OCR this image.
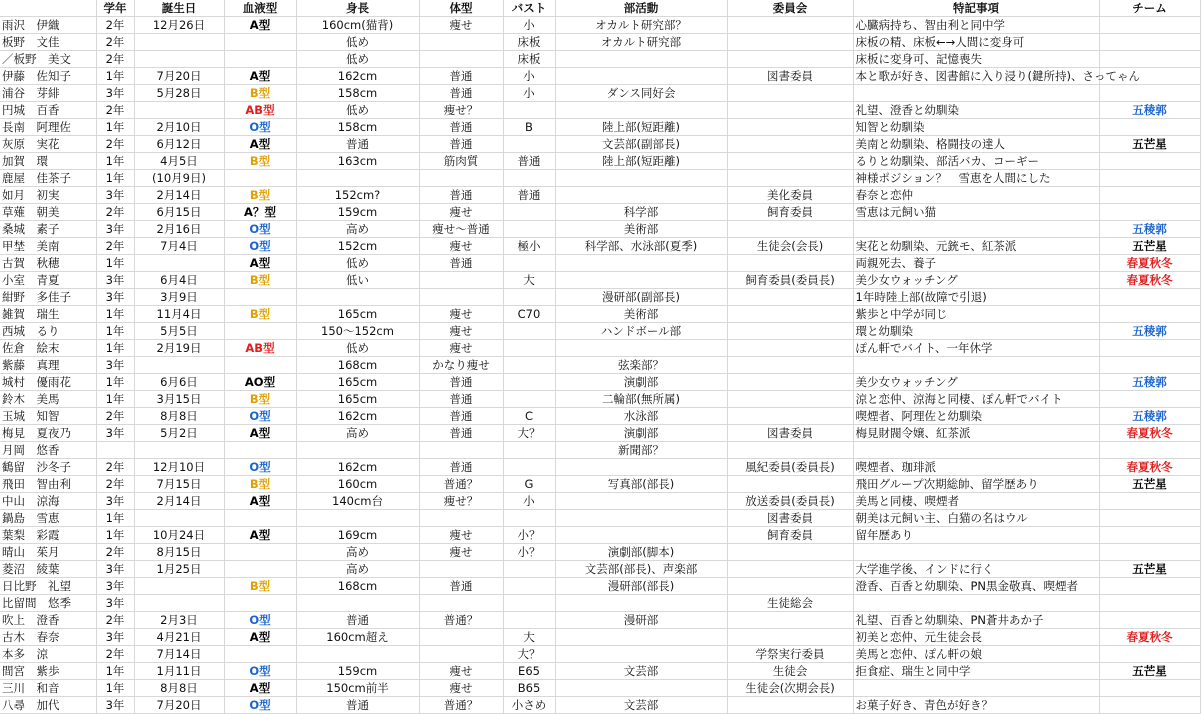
	学年	誕生日	血液型	身長	体型	バスト	部活動	委員会	特記事項	チーム
雨沢　伊織	2年	12月26日	A型	160cm(猫背)	痩せ	小	オカルト研究部？		心臓病持ち、智由利と同中学	
板野　文佳	2年			低め		床板	オカルト研究部		床板の精、床板←→人間に変身可	
／板野　美文	2年			低め		床板			床板に変身可、記憶喪失	
伊藤　佐知子	1年	7月20日	A型	162cm	普通	小		図書委員	本と歌が好き、図書館に入り浸り(鍵所持)、さってゃん	
浦谷　芽緋	3年	5月28日	B型	158cm	普通	小	ダンス同好会			
円城　百香	2年		AB型	低め	痩せ？				礼望、澄香と幼馴染	五稜郭
長南　阿理佐	1年	2月10日	O型	158cm	普通	B	陸上部(短距離)		知智と幼馴染	
灰原　実花	2年	6月12日	A型	普通	普通		文芸部(副部長)		美南と幼馴染、格闘技の達人	五芒星
加賀　環	1年	4月5日	B型	163cm	筋肉質	普通	陸上部(短距離)		るりと幼馴染、部活バカ、コーギー	
鹿屋　佳茶子	1年	(10月9日)							神様ポジション？　雪恵を人間にした	
如月　初実	3年	2月14日	B型	152cm?	普通	普通		美化委員	春奈と恋仲	
草薙　朝美	2年	6月15日	A？型	159cm	痩せ		科学部	飼育委員	雪恵は元飼い猫	
桑城　素子	3年	2月16日	O型	高め	痩せ～普通		美術部			五稜郭
甲埜　美南	2年	7月4日	O型	152cm	痩せ	極小	科学部、水泳部(夏季)	生徒会(会長)	実花と幼馴染、元銃モ、紅茶派	五芒星
古賀　秋穂	1年		A型	低め	普通				両親死去、養子	春夏秋冬
小室　青夏	3年	6月4日	B型	低い		大		飼育委員(委員長)	美少女ウォッチング	春夏秋冬
紺野　多佳子	3年	3月9日					漫研部(副部長)		1年時陸上部(故障で引退)	
雑賀　瑞生	1年	11月4日	B型	165cm	痩せ	C70	美術部		紫歩と中学が同じ	
西城　るり	1年	5月5日		150～152cm	痩せ		ハンドボール部		環と幼馴染	五稜郭
佐倉　絵末	1年	2月19日	AB型	低め	痩せ				ぽん軒でバイト、一年休学	
紫藤　真理	3年			168cm	かなり痩せ		弦楽部？			
城村　優雨花	1年	6月6日	AO型	165cm	普通		演劇部		美少女ウォッチング	五稜郭
鈴木　美馬	1年	3月15日	B型	165cm	普通		二輪部(無所属)		涼と恋仲、涼海と同棲、ぽん軒でバイト	
玉城　知智	2年	8月8日	O型	162cm	普通	C	水泳部		喫煙者、阿理佐と幼馴染	五稜郭
梅見　夏夜乃	3年	5月2日	A型	高め	普通	大？	演劇部	図書委員	梅見財閥令嬢、紅茶派	春夏秋冬
月岡　悠香							新聞部？			
鶴留　沙冬子	2年	12月10日	O型	162cm	普通			風紀委員(委員長)	喫煙者、珈琲派	春夏秋冬
飛田　智由利	2年	7月15日	B型	160cm	普通？	G	写真部(部長)		飛田グループ次期総帥、留学歴あり	五芒星
中山　涼海	3年	2月14日	A型	140cm台	痩せ？	小		放送委員(委員長)	美馬と同棲、喫煙者	
鍋島　雪恵	1年							図書委員	朝美は元飼い主、白猫の名はウル	
葉梨　彩霞	1年	10月24日	A型	169cm	痩せ	小？		飼育委員	留年歴あり	
晴山　茱月	2年	8月15日		高め	痩せ	小？	演劇部(脚本)			
菱沼　綾葉	3年	1月25日		高め			文芸部(部長)、声楽部		大学進学後、インドに行く	五芒星
日比野　礼望	3年		B型	168cm	普通		漫研部(部長)		澄香、百香と幼馴染、PN黒金敬真、喫煙者	
比留間　悠季	3年							生徒総会		
吹上　澄香	2年	2月3日	O型	普通	普通？		漫研部		礼望、百香と幼馴染、PN蒼井あか子	
古木　春奈	3年	4月21日	A型	160cm超え		大			初美と恋仲、元生徒会長	春夏秋冬
本多　涼	2年	7月14日				大？		学祭実行委員	美馬と恋仲、ぽん軒の娘	
間宮　紫歩	1年	1月11日	O型	159cm	痩せ	E65	文芸部	生徒会	拒食症、瑞生と同中学	五芒星
三川　和音	1年	8月8日	A型	150cm前半	痩せ	B65		生徒会(次期会長)		
八尋　加代	3年	7月20日	O型	普通	普通？	小さめ	文芸部		お菓子好き、青色が好き？	
